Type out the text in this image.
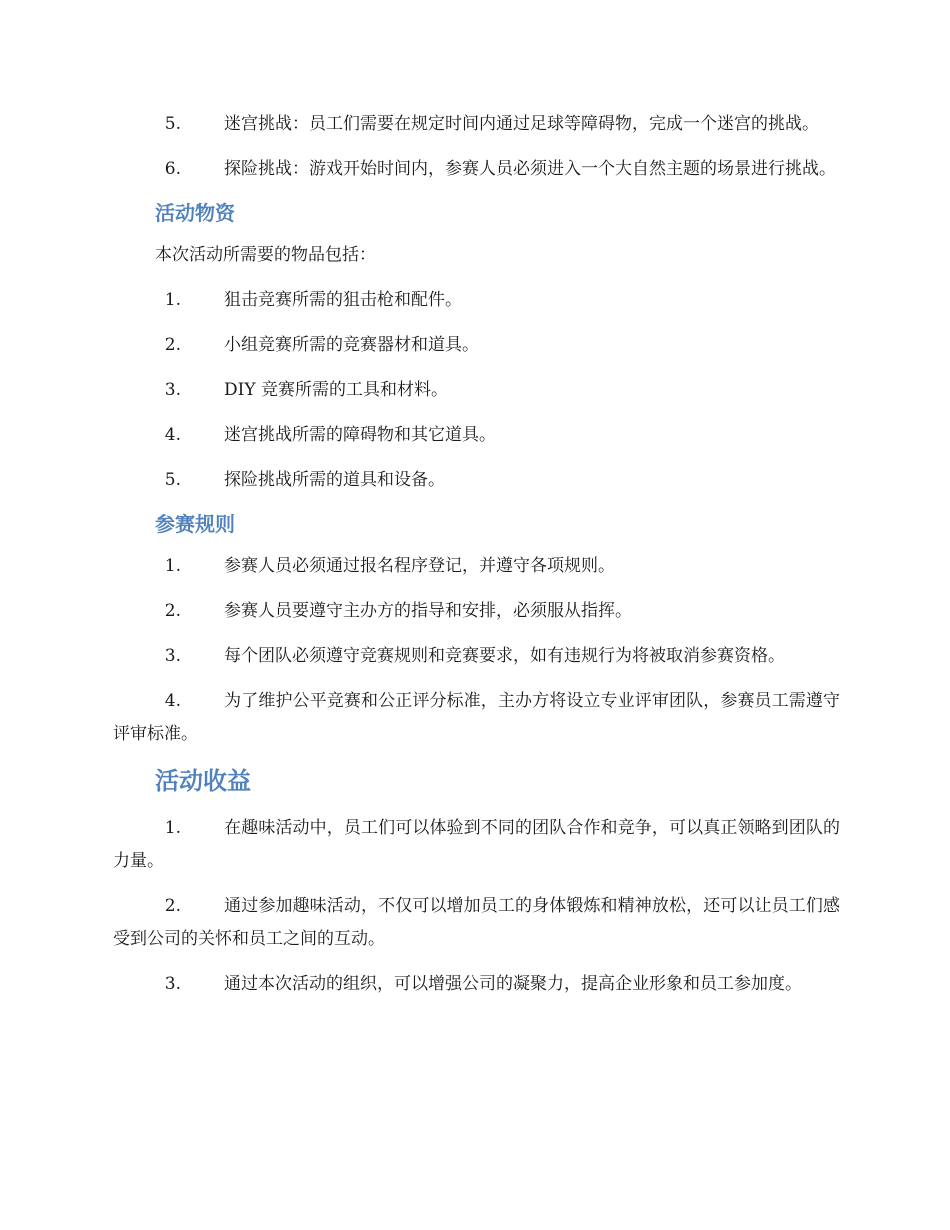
5.	迷宫挑战：员工们需要在规定时间内通过足球等障碍物，完成一个迷宫的挑战。
6.	探险挑战：游戏开始时间内，参赛人员必须进入一个大自然主题的场景进行挑战。
活动物资
本次活动所需要的物品包括：
1.	狙击竞赛所需的狙击枪和配件。
2.	小组竞赛所需的竞赛器材和道具。
3.	DIY 竞赛所需的工具和材料。
4.	迷宫挑战所需的障碍物和其它道具。
5.	探险挑战所需的道具和设备。
参赛规则
1.	参赛人员必须通过报名程序登记，并遵守各项规则。
2.	参赛人员要遵守主办方的指导和安排，必须服从指挥。
3.	每个团队必须遵守竞赛规则和竞赛要求，如有违规行为将被取消参赛资格。
4.	为了维护公平竞赛和公正评分标准，主办方将设立专业评审团队，参赛员工需遵守评审标准。
活动收益
1.	在趣味活动中，员工们可以体验到不同的团队合作和竞争，可以真正领略到团队的力量。
2.	通过参加趣味活动，不仅可以增加员工的身体锻炼和精神放松，还可以让员工们感受到公司的关怀和员工之间的互动。
3.	通过本次活动的组织，可以增强公司的凝聚力，提高企业形象和员工参加度。
